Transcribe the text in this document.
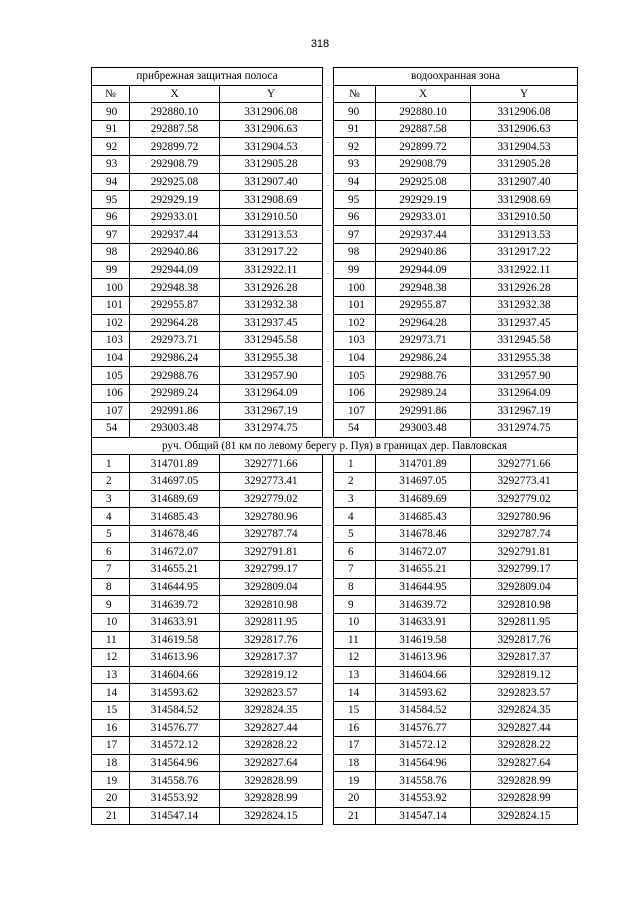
318
прибрежная защитная полоса				водоохранная зона		
№	X	Y		№	X	Y
90	292880.10	3312906.08		90	292880.10	3312906.08
91	292887.58	3312906.63		91	292887.58	3312906.63
92	292899.72	3312904.53		92	292899.72	3312904.53
93	292908.79	3312905.28		93	292908.79	3312905.28
94	292925.08	3312907.40		94	292925.08	3312907.40
95	292929.19	3312908.69		95	292929.19	3312908.69
96	292933.01	3312910.50		96	292933.01	3312910.50
97	292937.44	3312913.53		97	292937.44	3312913.53
98	292940.86	3312917.22		98	292940.86	3312917.22
99	292944.09	3312922.11		99	292944.09	3312922.11
100	292948.38	3312926.28		100	292948.38	3312926.28
101	292955.87	3312932.38		101	292955.87	3312932.38
102	292964.28	3312937.45		102	292964.28	3312937.45
103	292973.71	3312945.58		103	292973.71	3312945.58
104	292986.24	3312955.38		104	292986.24	3312955.38
105	292988.76	3312957.90		105	292988.76	3312957.90
106	292989.24	3312964.09		106	292989.24	3312964.09
107	292991.86	3312967.19		107	292991.86	3312967.19
54	293003.48	3312974.75		54	293003.48	3312974.75
руч. Общий (81 км по левому берегу р. Пуя) в границах дер. Павловская						
1	314701.89	3292771.66		1	314701.89	3292771.66
2	314697.05	3292773.41		2	314697.05	3292773.41
3	314689.69	3292779.02		3	314689.69	3292779.02
4	314685.43	3292780.96		4	314685.43	3292780.96
5	314678.46	3292787.74		5	314678.46	3292787.74
6	314672.07	3292791.81		6	314672.07	3292791.81
7	314655.21	3292799.17		7	314655.21	3292799.17
8	314644.95	3292809.04		8	314644.95	3292809.04
9	314639.72	3292810.98		9	314639.72	3292810.98
10	314633.91	3292811.95		10	314633.91	3292811.95
11	314619.58	3292817.76		11	314619.58	3292817.76
12	314613.96	3292817.37		12	314613.96	3292817.37
13	314604.66	3292819.12		13	314604.66	3292819.12
14	314593.62	3292823.57		14	314593.62	3292823.57
15	314584.52	3292824.35		15	314584.52	3292824.35
16	314576.77	3292827.44		16	314576.77	3292827.44
17	314572.12	3292828.22		17	314572.12	3292828.22
18	314564.96	3292827.64		18	314564.96	3292827.64
19	314558.76	3292828.99		19	314558.76	3292828.99
20	314553.92	3292828.99		20	314553.92	3292828.99
21	314547.14	3292824.15		21	314547.14	3292824.15
